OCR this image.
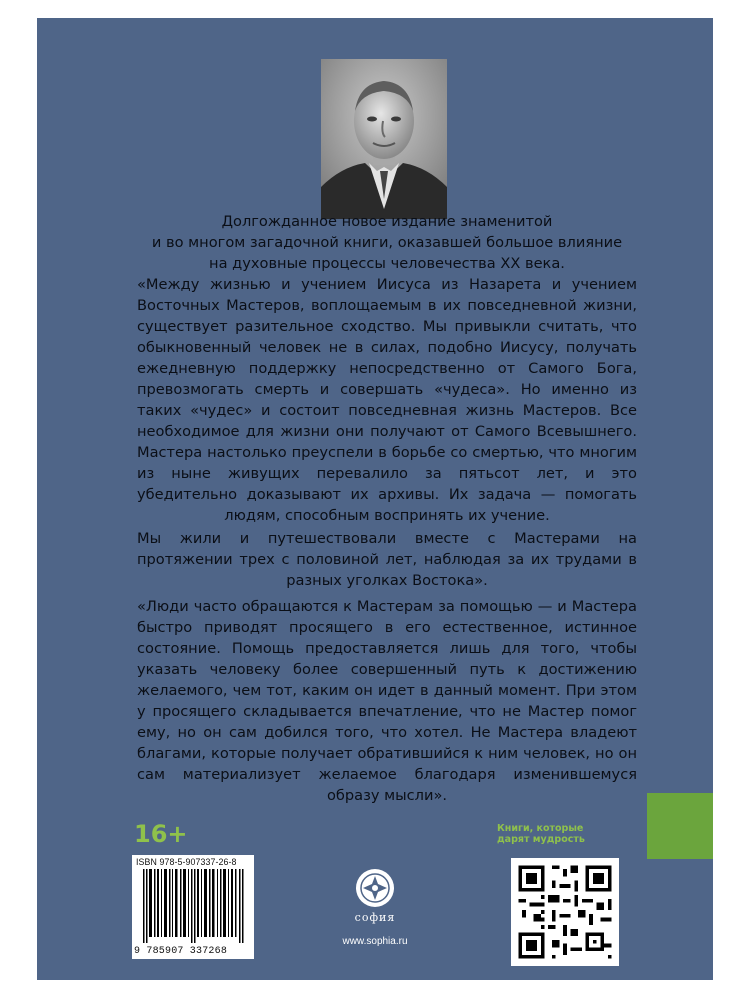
Долгожданное новое издание знаменитой
и во многом загадочной книги, оказавшей большое влияние
на духовные процессы человечества XX века.

«Между жизнью и учением Иисуса из Назарета и учением Восточных Мастеров, воплощаемым в их повседневной жизни, существует разительное сходство. Мы привыкли считать, что обыкновенный человек не в силах, подобно Иисусу, получать ежедневную поддержку непосредственно от Самого Бога, превозмогать смерть и совершать «чудеса». Но именно из таких «чудес» и состоит повседневная жизнь Мастеров. Все необходимое для жизни они получают от Самого Всевышнего. Мастера настолько преуспели в борьбе со смертью, что многим из ныне живущих перевалило за пятьсот лет, и это убедительно доказывают их архивы. Их задача — помогать людям, способным воспринять их учение.

Мы жили и путешествовали вместе с Мастерами на протяжении трех с половиной лет, наблюдая за их трудами в разных уголках Востока».

«Люди часто обращаются к Мастерам за помощью — и Мастера быстро приводят просящего в его естественное, истинное состояние. Помощь предоставляется лишь для того, чтобы указать человеку более совершенный путь к достижению желаемого, чем тот, каким он идет в данный момент. При этом у просящего складывается впечатление, что не Мастер помог ему, но он сам добился того, что хотел. Не Мастера владеют благами, которые получает обратившийся к ним человек, но он сам материализует желаемое благодаря изменившемуся образу мысли».

16+	Книги, которые
дарят мудрость
ISBN 978-5-907337-26-8
9 785907 337268
софия
www.sophia.ru
